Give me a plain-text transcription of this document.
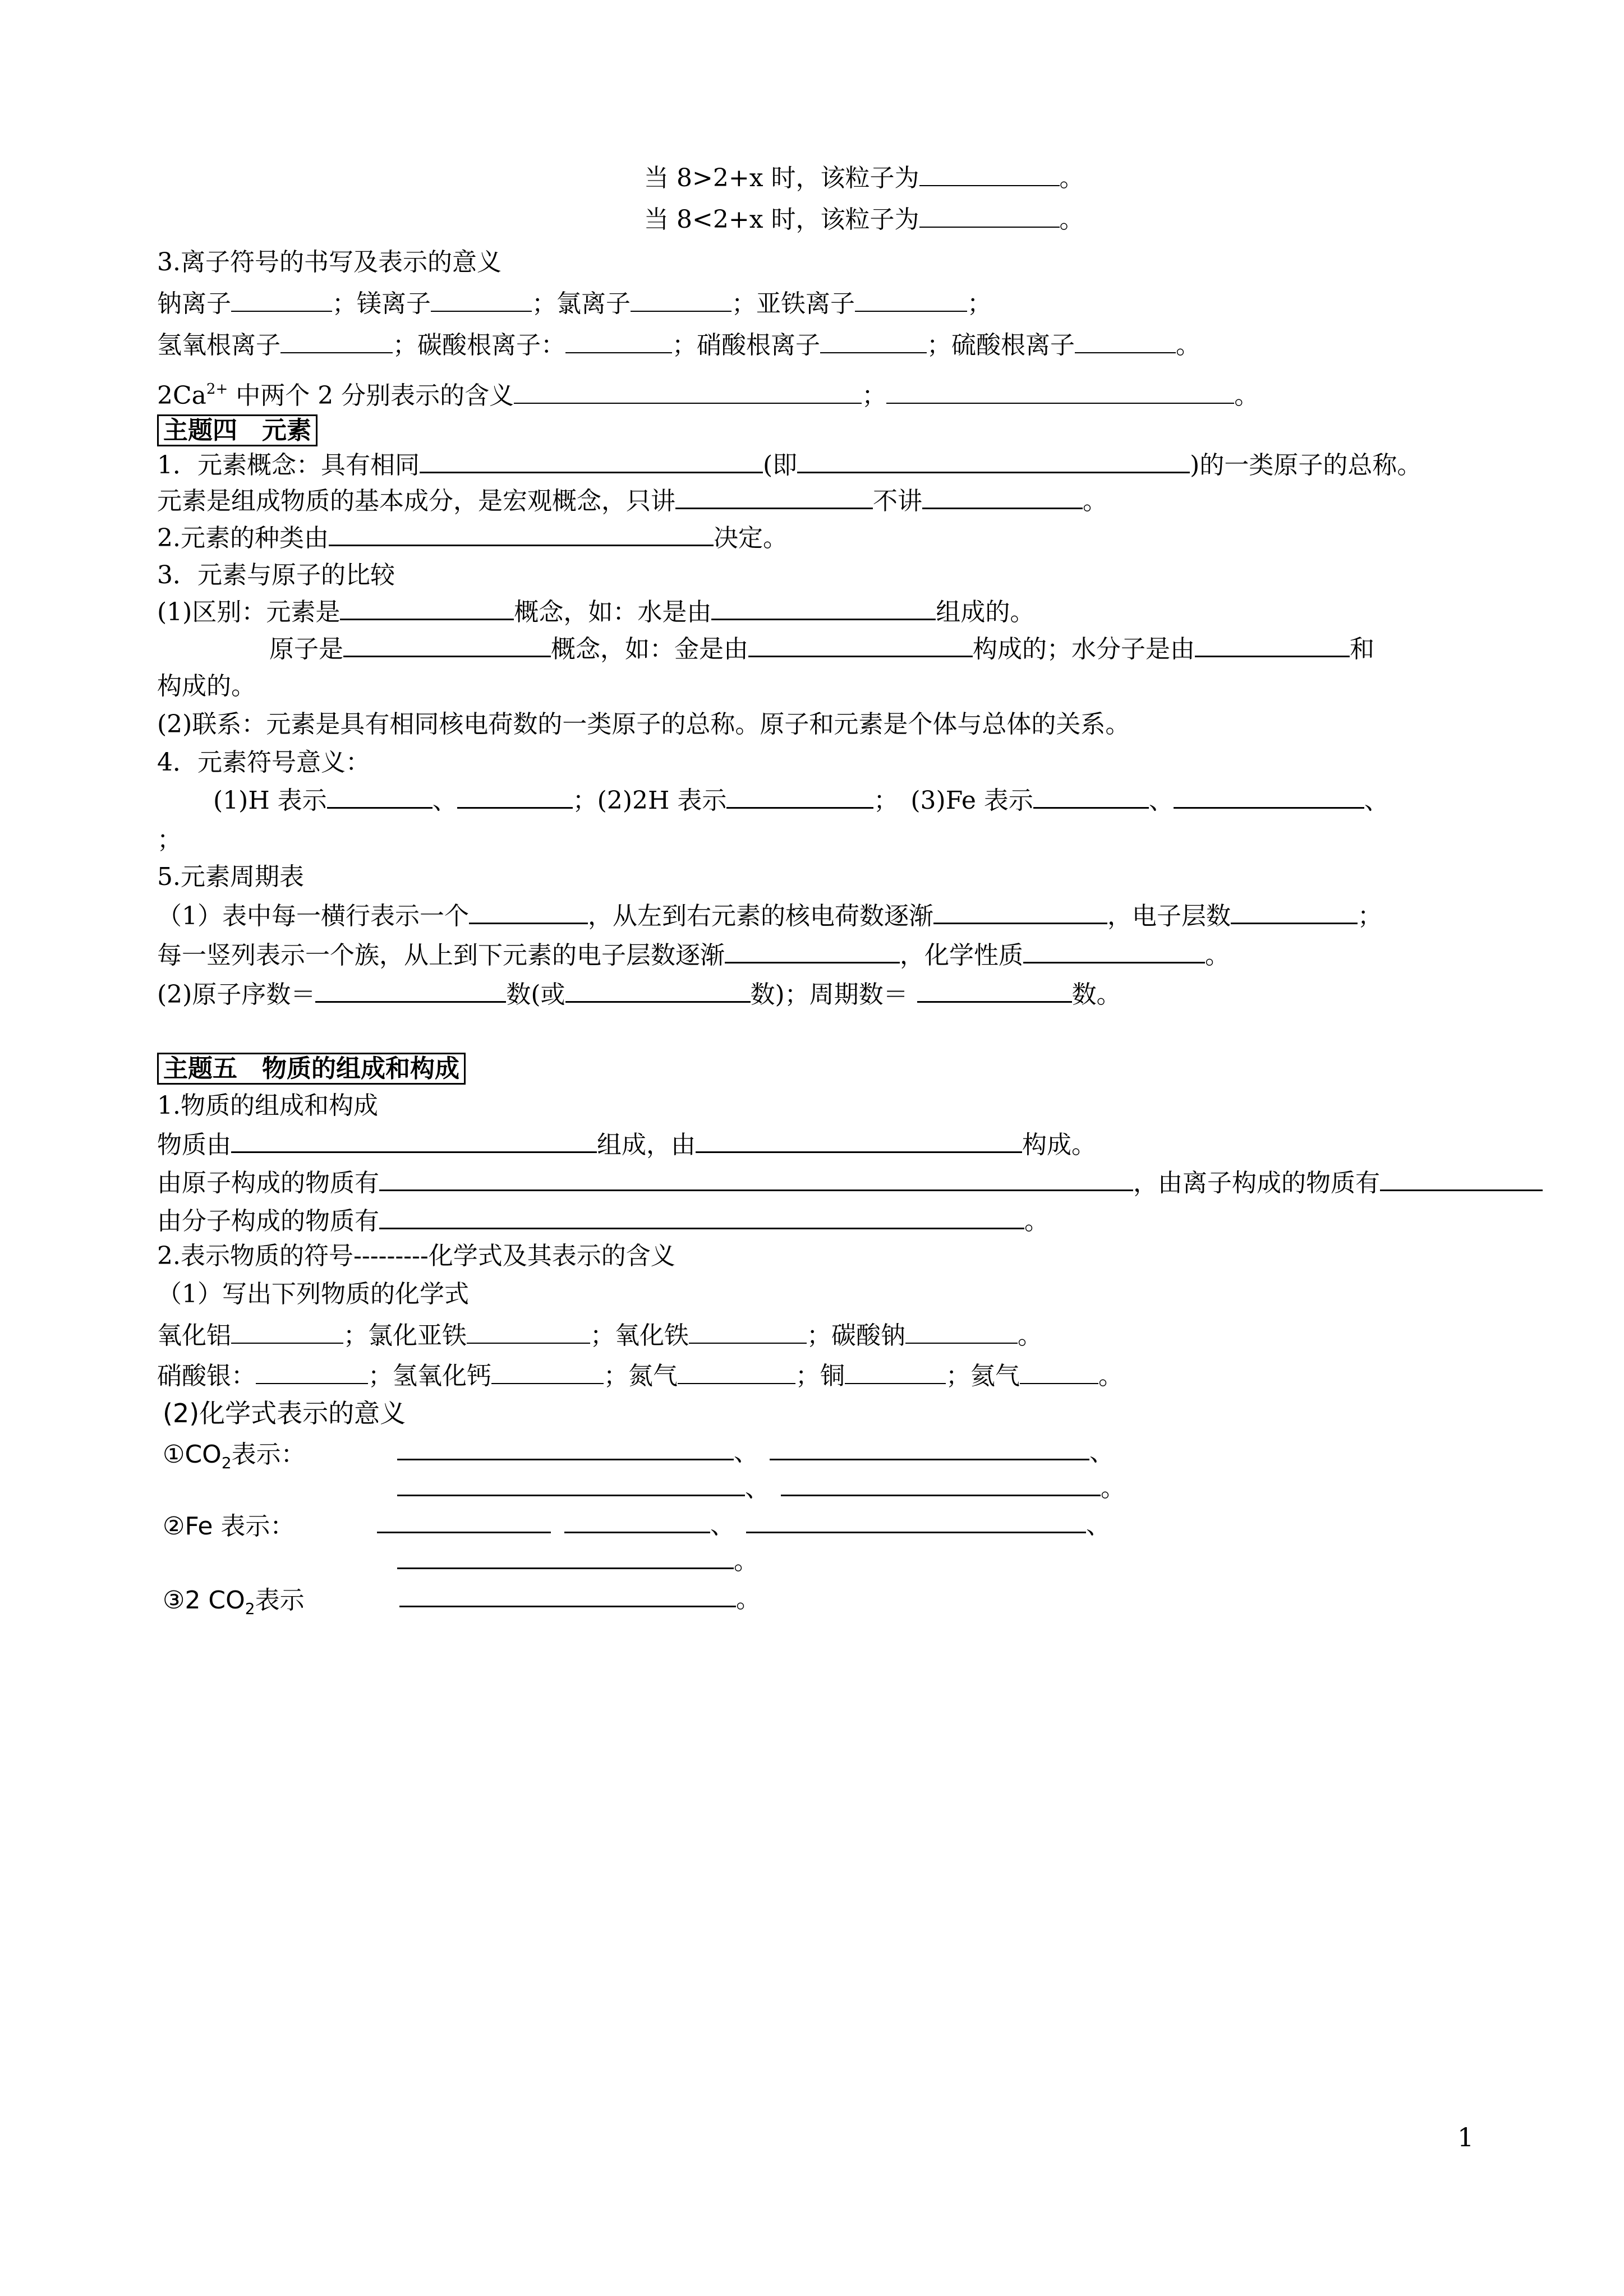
当 8>2+x 时，该粒子为	。
当 8<2+x 时，该粒子为	。
3.离子符号的书写及表示的意义
钠离子	；镁离子	；氯离子	；亚铁离子	；
氢氧根离子	；碳酸根离子：	；硝酸根离子	；硫酸根离子	。
$2Ca^{2+}$ 中两个 2 分别表示的含义	；	。
主题四　元素
1．元素概念：具有相同	(即	)的一类原子的总称。
元素是组成物质的基本成分，是宏观概念，只讲	不讲	。
2.元素的种类由	决定。
3．元素与原子的比较
(1)区别：元素是	概念，如：水是由	组成的。
原子是	概念，如：金是由	构成的；水分子是由	和
构成的。
(2)联系：元素是具有相同核电荷数的一类原子的总称。原子和元素是个体与总体的关系。
4．元素符号意义：
(1)H 表示	、	；(2)2H 表示	；　(3)Fe 表示	、	、
；
5.元素周期表
（1）表中每一横行表示一个	，从左到右元素的核电荷数逐渐	，电子层数	；
每一竖列表示一个族，从上到下元素的电子层数逐渐	，化学性质	。
(2)原子序数＝	数(或	数)；周期数＝	数。
主题五　物质的组成和构成
1.物质的组成和构成
物质由	组成，由	构成。
由原子构成的物质有	，由离子构成的物质有
由分子构成的物质有	。
2.表示物质的符号---------化学式及其表示的含义
（1）写出下列物质的化学式
氧化铝	；氯化亚铁	；氧化铁	；碳酸钠	。
硝酸银：	；氢氧化钙	；氮气	；铜	；氦气	。
(2)化学式表示的意义
$①CO_2$表示：	、	、
、	。
②Fe 表示：	、	、
。
③2 $CO_2$表示	。
1
